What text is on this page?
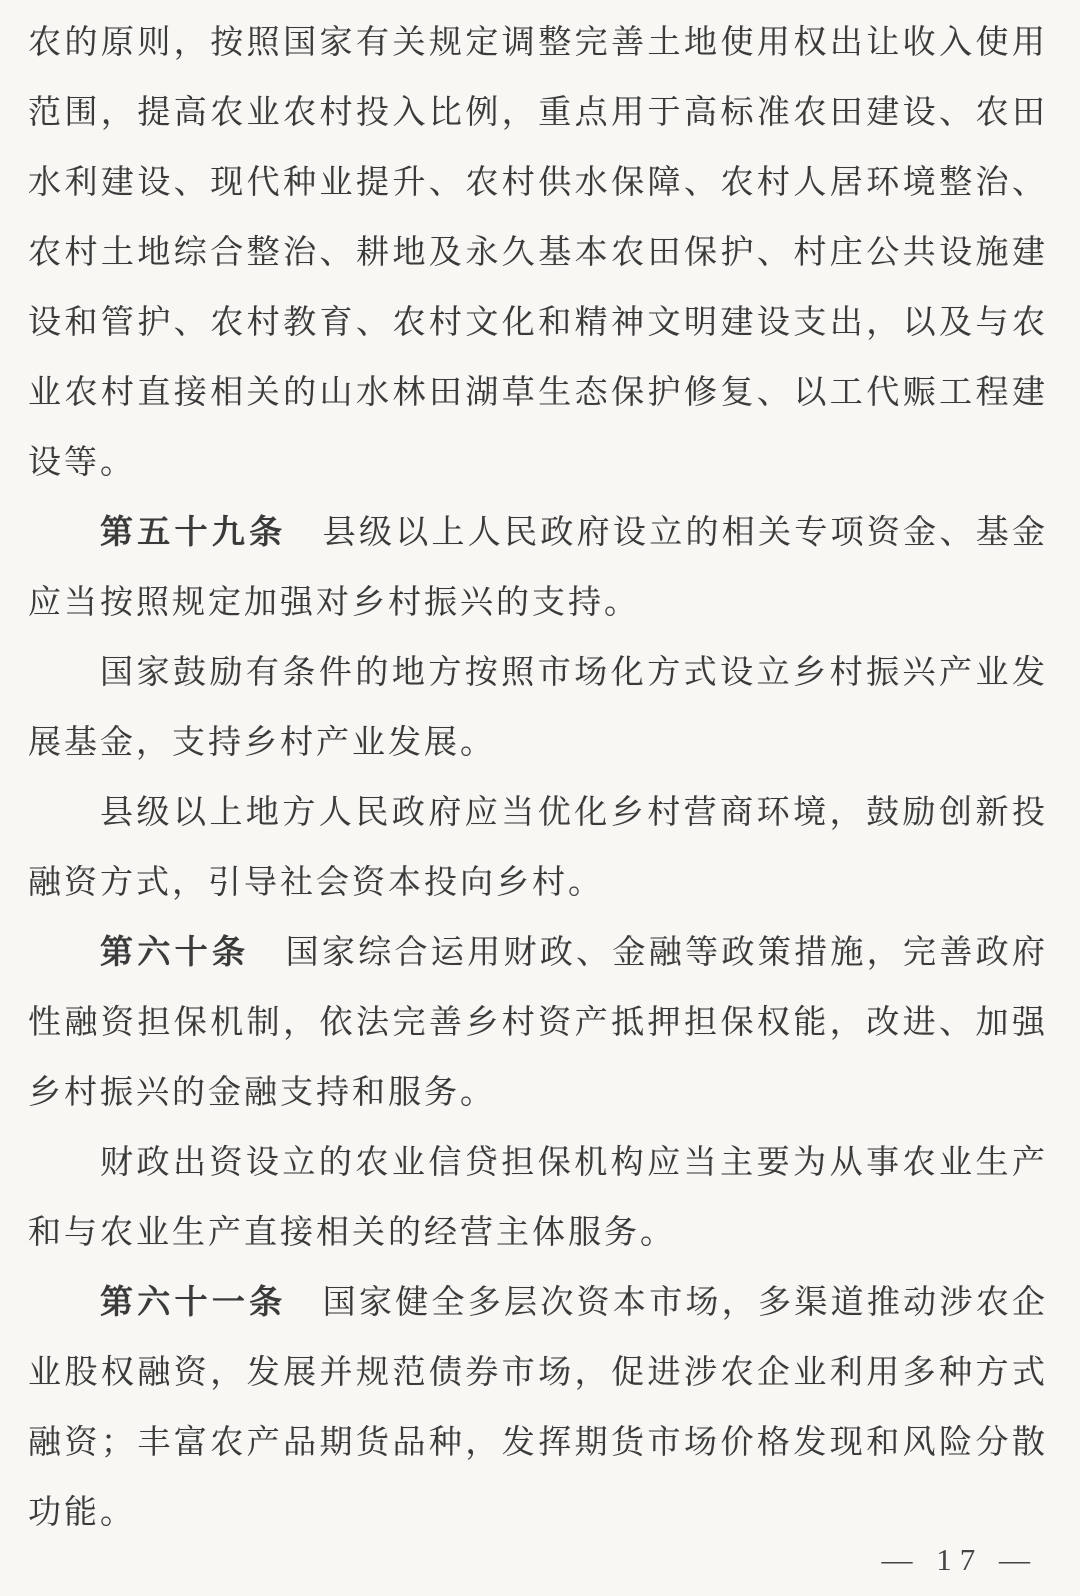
农的原则，按照国家有关规定调整完善土地使用权出让收入使用
范围，提高农业农村投入比例，重点用于高标准农田建设、农田
水利建设、现代种业提升、农村供水保障、农村人居环境整治、
农村土地综合整治、耕地及永久基本农田保护、村庄公共设施建
设和管护、农村教育、农村文化和精神文明建设支出，以及与农
业农村直接相关的山水林田湖草生态保护修复、以工代赈工程建
设等。
第五十九条 县级以上人民政府设立的相关专项资金、基金
应当按照规定加强对乡村振兴的支持。
国家鼓励有条件的地方按照市场化方式设立乡村振兴产业发
展基金，支持乡村产业发展。
县级以上地方人民政府应当优化乡村营商环境，鼓励创新投
融资方式，引导社会资本投向乡村。
第六十条 国家综合运用财政、金融等政策措施，完善政府
性融资担保机制，依法完善乡村资产抵押担保权能，改进、加强
乡村振兴的金融支持和服务。
财政出资设立的农业信贷担保机构应当主要为从事农业生产
和与农业生产直接相关的经营主体服务。
第六十一条 国家健全多层次资本市场，多渠道推动涉农企
业股权融资，发展并规范债券市场，促进涉农企业利用多种方式
融资；丰富农产品期货品种，发挥期货市场价格发现和风险分散
功能。
— 17 —
